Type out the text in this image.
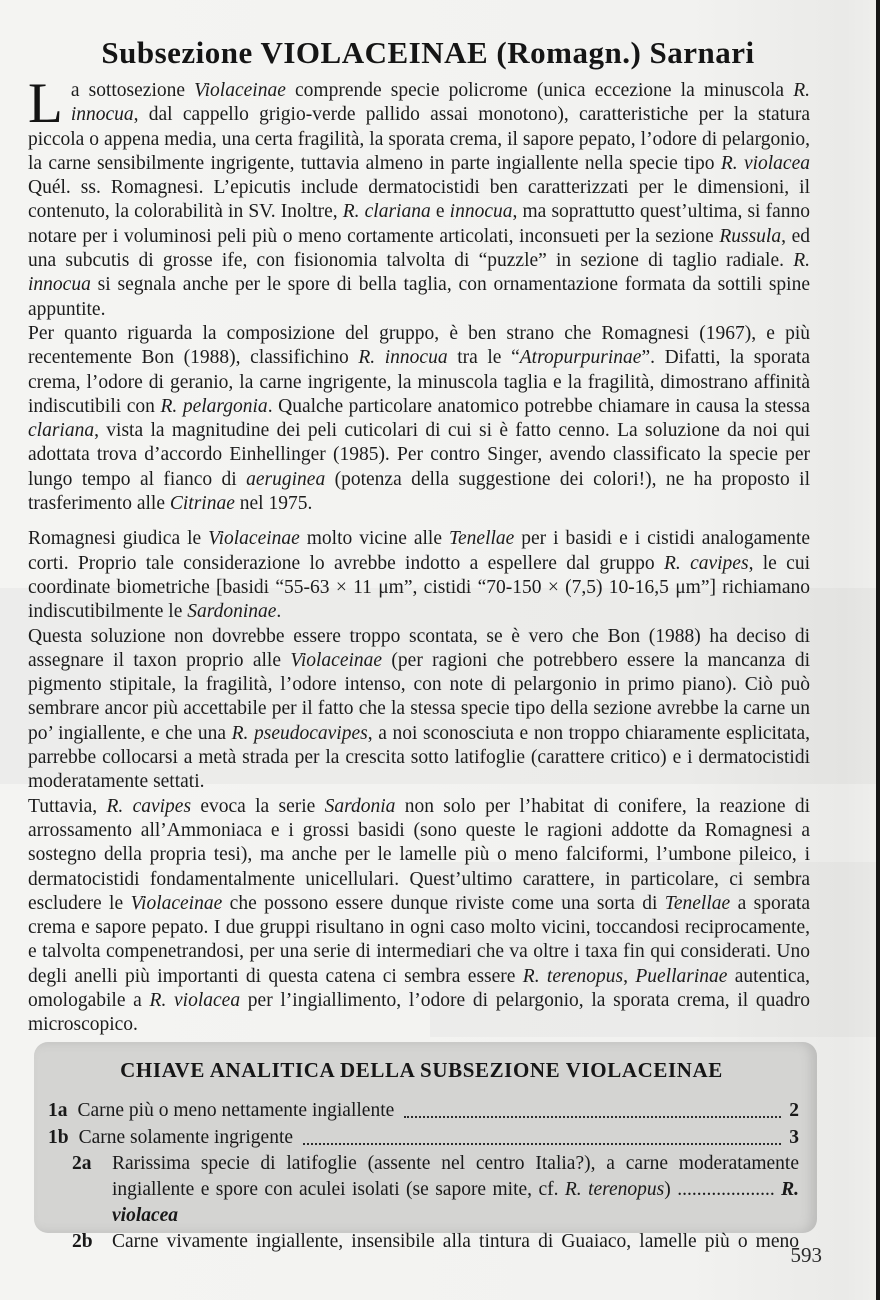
Subsezione VIOLACEINAE (Romagn.) Sarnari

La sottosezione Violaceinae comprende specie policrome (unica eccezione la minuscola R. innocua, dal cappello grigio-verde pallido assai monotono), caratteristiche per la statura piccola o appena media, una certa fragilità, la sporata crema, il sapore pepato, l’odore di pelargonio, la carne sensibilmente ingrigente, tuttavia almeno in parte ingiallente nella specie tipo R. violacea Quél. ss. Romagnesi. L’epicutis include dermatocistidi ben caratterizzati per le dimensioni, il contenuto, la colorabilità in SV. Inoltre, R. clariana e innocua, ma soprattutto quest’ultima, si fanno notare per i voluminosi peli più o meno cortamente articolati, inconsueti per la sezione Russula, ed una subcutis di grosse ife, con fisionomia talvolta di “puzzle” in sezione di taglio radiale. R. innocua si segnala anche per le spore di bella taglia, con ornamentazione formata da sottili spine appuntite.

Per quanto riguarda la composizione del gruppo, è ben strano che Romagnesi (1967), e più recentemente Bon (1988), classifichino R. innocua tra le “Atropurpurinae”. Difatti, la sporata crema, l’odore di geranio, la carne ingrigente, la minuscola taglia e la fragilità, dimostrano affinità indiscutibili con R. pelargonia. Qualche particolare anatomico potrebbe chiamare in causa la stessa clariana, vista la magnitudine dei peli cuticolari di cui si è fatto cenno. La soluzione da noi qui adottata trova d’accordo Einhellinger (1985). Per contro Singer, avendo classificato la specie per lungo tempo al fianco di aeruginea (potenza della suggestione dei colori!), ne ha proposto il trasferimento alle Citrinae nel 1975.

Romagnesi giudica le Violaceinae molto vicine alle Tenellae per i basidi e i cistidi analogamente corti. Proprio tale considerazione lo avrebbe indotto a espellere dal gruppo R. cavipes, le cui coordinate biometriche [basidi “55-63 × 11 μm”, cistidi “70-150 × (7,5) 10-16,5 μm”] richiamano indiscutibilmente le Sardoninae.

Questa soluzione non dovrebbe essere troppo scontata, se è vero che Bon (1988) ha deciso di assegnare il taxon proprio alle Violaceinae (per ragioni che potrebbero essere la mancanza di pigmento stipitale, la fragilità, l’odore intenso, con note di pelargonio in primo piano). Ciò può sembrare ancor più accettabile per il fatto che la stessa specie tipo della sezione avrebbe la carne un po’ ingiallente, e che una R. pseudocavipes, a noi sconosciuta e non troppo chiaramente esplicitata, parrebbe collocarsi a metà strada per la crescita sotto latifoglie (carattere critico) e i dermatocistidi moderatamente settati.

Tuttavia, R. cavipes evoca la serie Sardonia non solo per l’habitat di conifere, la reazione di arrossamento all’Ammoniaca e i grossi basidi (sono queste le ragioni addotte da Romagnesi a sostegno della propria tesi), ma anche per le lamelle più o meno falciformi, l’umbone pileico, i dermatocistidi fondamentalmente unicellulari. Quest’ultimo carattere, in particolare, ci sembra escludere le Violaceinae che possono essere dunque riviste come una sorta di Tenellae a sporata crema e sapore pepato. I due gruppi risultano in ogni caso molto vicini, toccandosi reciprocamente, e talvolta compenetrandosi, per una serie di intermediari che va oltre i taxa fin qui considerati. Uno degli anelli più importanti di questa catena ci sembra essere R. terenopus, Puellarinae autentica, omologabile a R. violacea per l’ingiallimento, l’odore di pelargonio, la sporata crema, il quadro microscopico.

CHIAVE ANALITICA DELLA SUBSEZIONE VIOLACEINAE
1a Carne più o meno nettamente ingiallente	2
1b Carne solamente ingrigente	3
2a Rarissima specie di latifoglie (assente nel centro Italia?), a carne moderatamente ingiallente e spore con aculei isolati (se sapore mite, cf. R. terenopus) .................... R. violacea
2b Carne vivamente ingiallente, insensibile alla tintura di Guaiaco, lamelle più o meno
593
